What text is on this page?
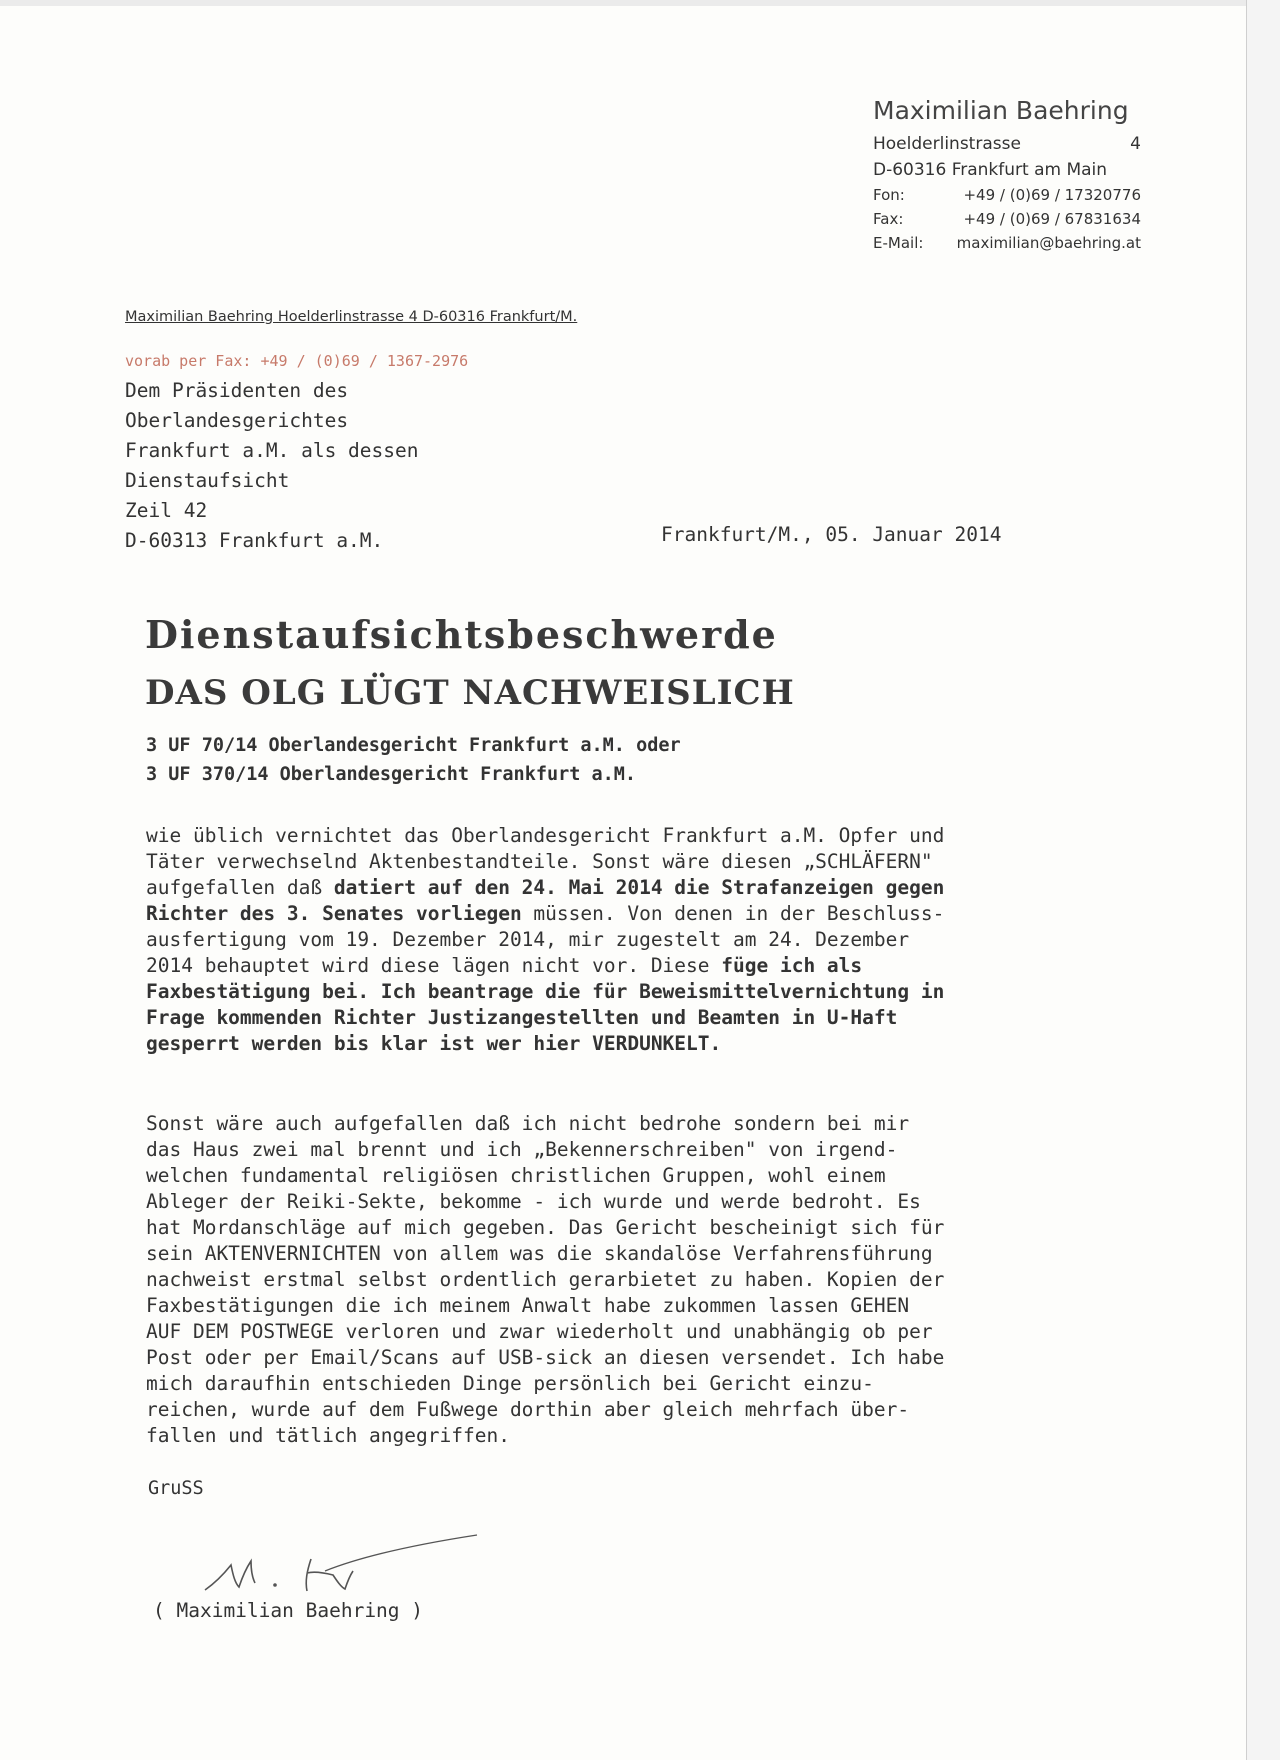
Maximilian Baehring
Hoelderlinstrasse	4
D-60316 Frankfurt am Main
Fon:	+49 / (0)69 / 17320776
Fax:	+49 / (0)69 / 67831634
E-Mail:	maximilian@baehring.at
Maximilian Baehring Hoelderlinstrasse 4 D-60316 Frankfurt/M.
vorab per Fax: +49 / (0)69 / 1367-2976
Dem Präsidenten des
Oberlandesgerichtes
Frankfurt a.M. als dessen
Dienstaufsicht
Zeil 42
D-60313 Frankfurt a.M.	Frankfurt/M., 05. Januar 2014
Dienstaufsichtsbeschwerde
DAS OLG LÜGT NACHWEISLICH
3 UF 70/14 Oberlandesgericht Frankfurt a.M. oder
3 UF 370/14 Oberlandesgericht Frankfurt a.M.
wie üblich vernichtet das Oberlandesgericht Frankfurt a.M. Opfer und
Täter verwechselnd Aktenbestandteile. Sonst wäre diesen „SCHLÄFERN"
aufgefallen daß datiert auf den 24. Mai 2014 die Strafanzeigen gegen
Richter des 3. Senates vorliegen müssen. Von denen in der Beschluss-
ausfertigung vom 19. Dezember 2014, mir zugestelt am 24. Dezember
2014 behauptet wird diese lägen nicht vor. Diese füge ich als
Faxbestätigung bei. Ich beantrage die für Beweismittelvernichtung in
Frage kommenden Richter Justizangestellten und Beamten in U-Haft
gesperrt werden bis klar ist wer hier VERDUNKELT.
Sonst wäre auch aufgefallen daß ich nicht bedrohe sondern bei mir
das Haus zwei mal brennt und ich „Bekennerschreiben" von irgend-
welchen fundamental religiösen christlichen Gruppen, wohl einem
Ableger der Reiki-Sekte, bekomme - ich wurde und werde bedroht. Es
hat Mordanschläge auf mich gegeben. Das Gericht bescheinigt sich für
sein AKTENVERNICHTEN von allem was die skandalöse Verfahrensführung
nachweist erstmal selbst ordentlich gerarbietet zu haben. Kopien der
Faxbestätigungen die ich meinem Anwalt habe zukommen lassen GEHEN
AUF DEM POSTWEGE verloren und zwar wiederholt und unabhängig ob per
Post oder per Email/Scans auf USB-sick an diesen versendet. Ich habe
mich daraufhin entschieden Dinge persönlich bei Gericht einzu-
reichen, wurde auf dem Fußwege dorthin aber gleich mehrfach über-
fallen und tätlich angegriffen.
GruSS
( Maximilian Baehring )
